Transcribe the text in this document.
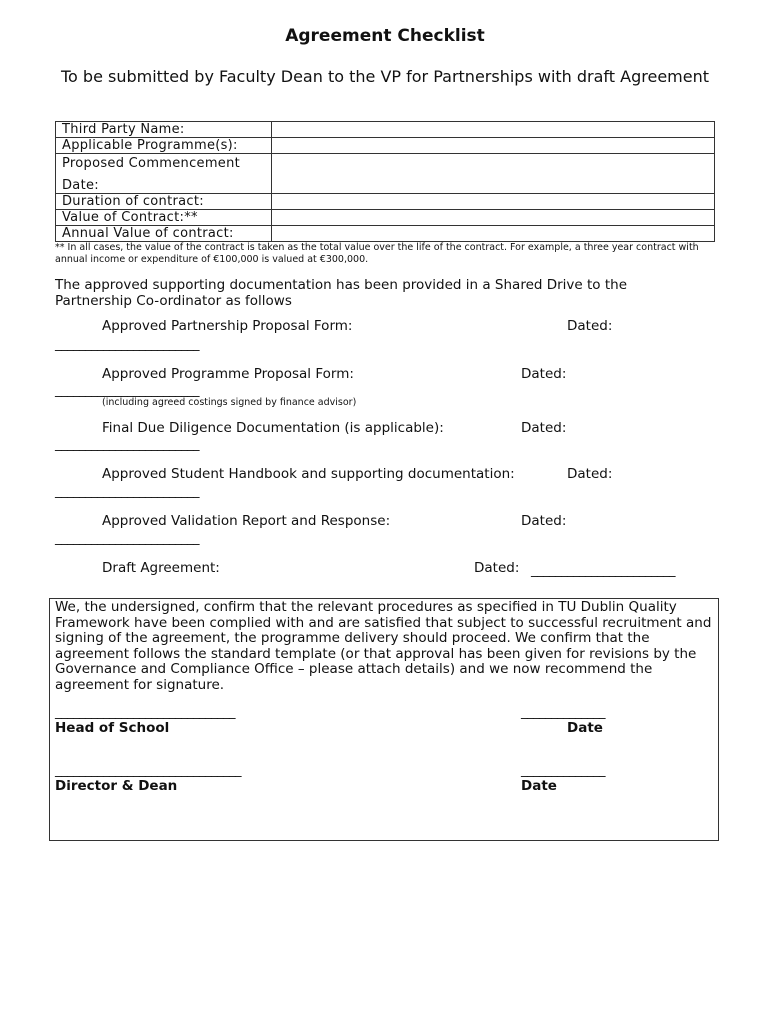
Agreement Checklist
To be submitted by Faculty Dean to the VP for Partnerships with draft Agreement
Third Party Name:	
Applicable Programme(s):	

Proposed Commencement
Date:	

Duration of contract:	
Value of Contract:**	
Annual Value of contract:	
** In all cases, the value of the contract is taken as the total value over the life of the contract. For example, a three year contract with annual income or expenditure of €100,000 is valued at €300,000.
The approved supporting documentation has been provided in a Shared Drive to the Partnership Co-ordinator as follows
Approved Partnership Proposal Form:	Dated:
________________________
Approved Programme Proposal Form:	Dated:
________________________
(including agreed costings signed by finance advisor)
Final Due Diligence Documentation (is applicable):	Dated:
________________________
Approved Student Handbook and supporting documentation:	Dated:
________________________
Approved Validation Report and Response:	Dated:
________________________
Draft Agreement:	Dated: ________________________
We, the undersigned, confirm that the relevant procedures as specified in TU Dublin Quality Framework have been complied with and are satisfied that subject to successful recruitment and signing of the agreement, the programme delivery should proceed. We confirm that the agreement follows the standard template (or that approval has been given for revisions by the Governance and Compliance Office – please attach details) and we now recommend the agreement for signature.
______________________________	______________
Head of School	Date
_______________________________	______________
Director & Dean	Date
